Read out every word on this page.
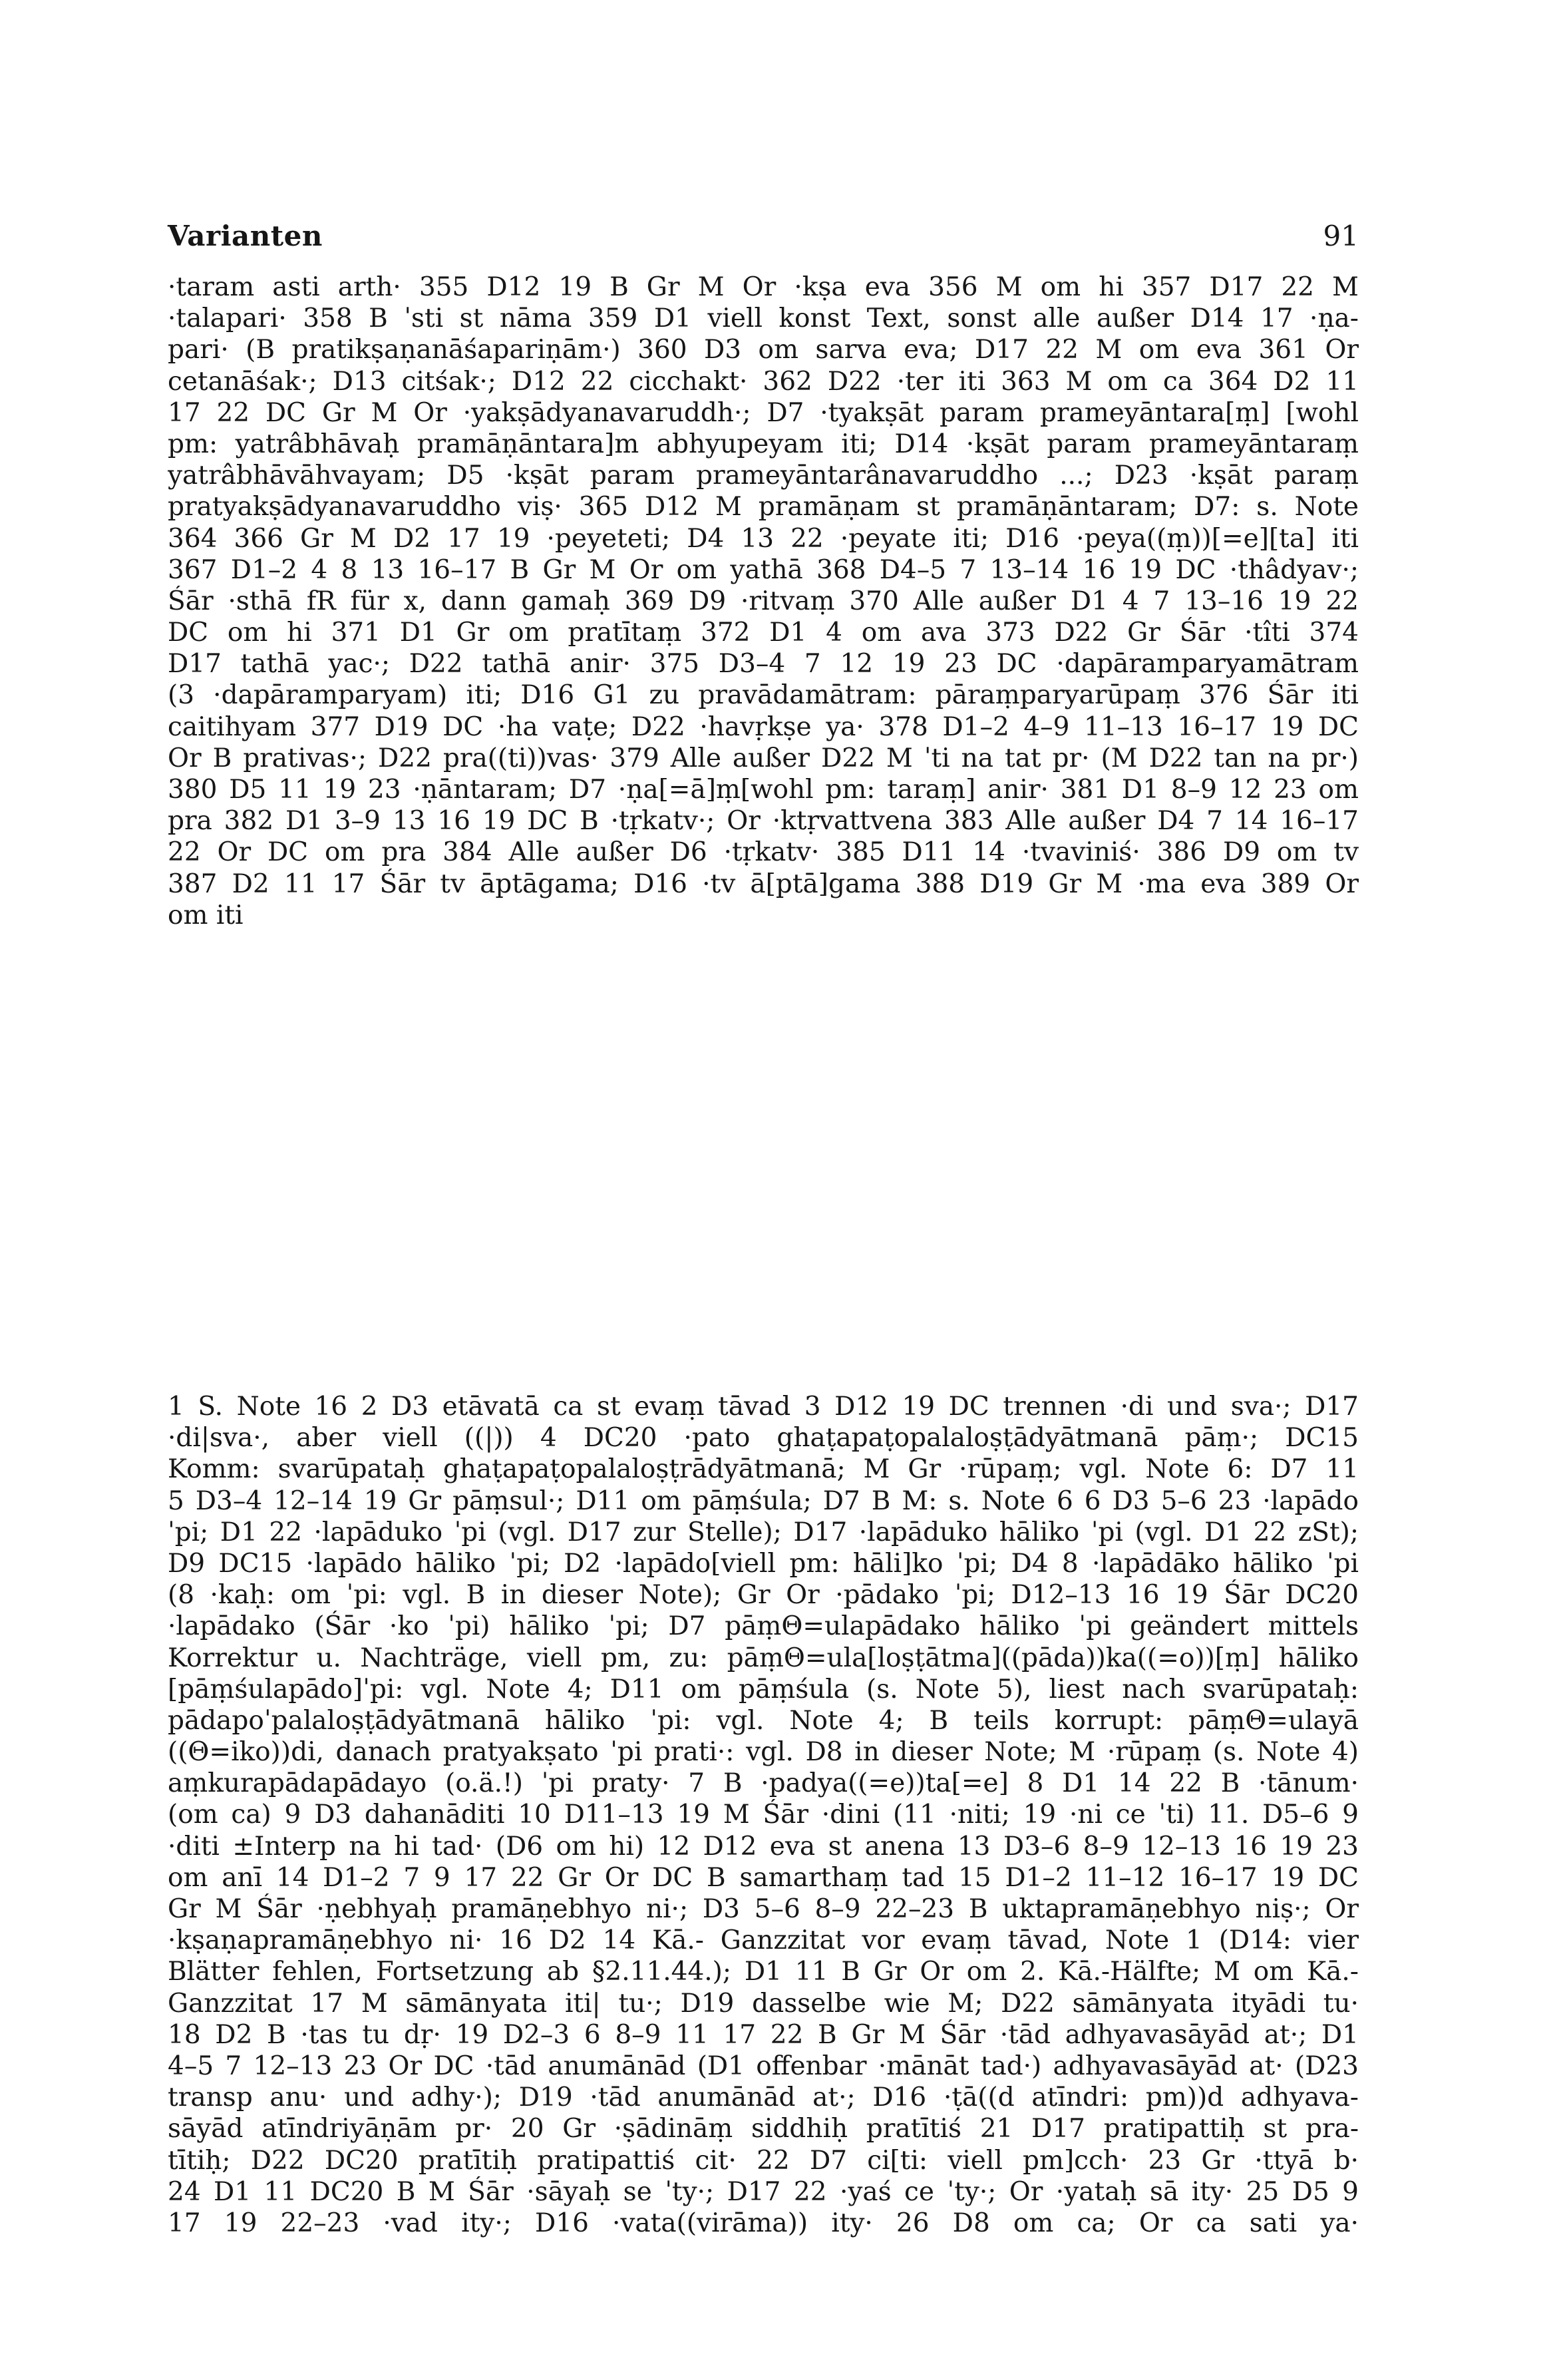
Varianten	91
·taram asti arth· 355 D12 19 B Gr M Or ·kṣa eva 356 M om hi 357 D17 22 M
·talapari· 358 B ˈsti st nāma 359 D1 viell konst Text, sonst alle außer D14 17 ·ṇa-
pari· (B pratikṣaṇanāśapariṇām·) 360 D3 om sarva eva; D17 22 M om eva 361 Or
cetanāśak·; D13 citśak·; D12 22 cicchakt· 362 D22 ·ter iti 363 M om ca 364 D2 11
17 22 DC Gr M Or ·yakṣādyanavaruddh·; D7 ·tyakṣāt param prameyāntara[ṃ] [wohl
pm: yatrâbhāvaḥ pramāṇāntara]m abhyupeyam iti; D14 ·kṣāt param prameyāntaraṃ
yatrâbhāvāhvayam; D5 ·kṣāt param prameyāntarânavaruddho ...; D23 ·kṣāt paraṃ
pratyakṣādyanavaruddho viṣ· 365 D12 M pramāṇam st pramāṇāntaram; D7: s. Note
364 366 Gr M D2 17 19 ·peyeteti; D4 13 22 ·peyate iti; D16 ·peya((ṃ))[=e][ta] iti
367 D1–2 4 8 13 16–17 B Gr M Or om yathā 368 D4–5 7 13–14 16 19 DC ·thâdyav·;
Śār ·sthā fR für x, dann gamaḥ 369 D9 ·ritvaṃ 370 Alle außer D1 4 7 13–16 19 22
DC om hi 371 D1 Gr om pratītaṃ 372 D1 4 om ava 373 D22 Gr Śār ·tîti 374
D17 tathā yac·; D22 tathā anir· 375 D3–4 7 12 19 23 DC ·dapāramparyamātram
(3 ·dapāramparyam) iti; D16 G1 zu pravādamātram: pāraṃparyarūpaṃ 376 Śār iti
caitihyam 377 D19 DC ·ha vaṭe; D22 ·havṛkṣe ya· 378 D1–2 4–9 11–13 16–17 19 DC
Or B prativas·; D22 pra((ti))vas· 379 Alle außer D22 M ˈti na tat pr· (M D22 tan na pr·)
380 D5 11 19 23 ·ṇāntaram; D7 ·ṇa[=ā]ṃ[wohl pm: taraṃ] anir· 381 D1 8–9 12 23 om
pra 382 D1 3–9 13 16 19 DC B ·tṛkatv·; Or ·ktṛvattvena 383 Alle außer D4 7 14 16–17
22 Or DC om pra 384 Alle außer D6 ·tṛkatv· 385 D11 14 ·tvaviniś· 386 D9 om tv
387 D2 11 17 Śār tv āptāgama; D16 ·tv ā[ptā]gama 388 D19 Gr M ·ma eva 389 Or
om iti
1 S. Note 16 2 D3 etāvatā ca st evaṃ tāvad 3 D12 19 DC trennen ·di und sva·; D17
·di|sva·, aber viell ((|)) 4 DC20 ·pato ghaṭapaṭopalaloṣṭādyātmanā pāṃ·; DC15
Komm: svarūpataḥ ghaṭapaṭopalaloṣṭrādyātmanā; M Gr ·rūpaṃ; vgl. Note 6: D7 11
5 D3–4 12–14 19 Gr pāṃsul·; D11 om pāṃśula; D7 B M: s. Note 6 6 D3 5–6 23 ·lapādo
ˈpi; D1 22 ·lapāduko ˈpi (vgl. D17 zur Stelle); D17 ·lapāduko hāliko ˈpi (vgl. D1 22 zSt);
D9 DC15 ·lapādo hāliko ˈpi; D2 ·lapādo[viell pm: hāli]ko ˈpi; D4 8 ·lapādāko hāliko ˈpi
(8 ·kaḥ: om ˈpi: vgl. B in dieser Note); Gr Or ·pādako ˈpi; D12–13 16 19 Śār DC20
·lapādako (Śār ·ko ˈpi) hāliko ˈpi; D7 pāṃΘ=ulapādako hāliko ˈpi geändert mittels
Korrektur u. Nachträge, viell pm, zu: pāṃΘ=ula[loṣṭātma]((pāda))ka((=o))[ṃ] hāliko
[pāṃśulapādo]ˈpi: vgl. Note 4; D11 om pāṃśula (s. Note 5), liest nach svarūpataḥ:
pādapoˈpalaloṣṭādyātmanā hāliko ˈpi: vgl. Note 4; B teils korrupt: pāṃΘ=ulayā
((Θ=iko))di, danach pratyakṣato ˈpi prati·: vgl. D8 in dieser Note; M ·rūpaṃ (s. Note 4)
aṃkurapādapādayo (o.ä.!) ˈpi praty· 7 B ·padya((=e))ta[=e] 8 D1 14 22 B ·tānum·
(om ca) 9 D3 dahanāditi 10 D11–13 19 M Śār ·dini (11 ·niti; 19 ·ni ce ˈti) 11. D5–6 9
·diti ±Interp na hi tad· (D6 om hi) 12 D12 eva st anena 13 D3–6 8–9 12–13 16 19 23
om anī 14 D1–2 7 9 17 22 Gr Or DC B samarthaṃ tad 15 D1–2 11–12 16–17 19 DC
Gr M Śār ·ṇebhyaḥ pramāṇebhyo ni·; D3 5–6 8–9 22–23 B uktapramāṇebhyo niṣ·; Or
·kṣaṇapramāṇebhyo ni· 16 D2 14 Kā.- Ganzzitat vor evaṃ tāvad, Note 1 (D14: vier
Blätter fehlen, Fortsetzung ab §2.11.44.); D1 11 B Gr Or om 2. Kā.-Hälfte; M om Kā.-
Ganzzitat 17 M sāmānyata iti| tu·; D19 dasselbe wie M; D22 sāmānyata ityādi tu·
18 D2 B ·tas tu dṛ· 19 D2–3 6 8–9 11 17 22 B Gr M Śār ·tād adhyavasāyād at·; D1
4–5 7 12–13 23 Or DC ·tād anumānād (D1 offenbar ·mānāt tad·) adhyavasāyād at· (D23
transp anu· und adhy·); D19 ·tād anumānād at·; D16 ·ṭā((d atīndri: pm))d adhyava-
sāyād atīndriyāṇām pr· 20 Gr ·ṣādināṃ siddhiḥ pratītiś 21 D17 pratipattiḥ st pra-
tītiḥ; D22 DC20 pratītiḥ pratipattiś cit· 22 D7 ci[ti: viell pm]cch· 23 Gr ·ttyā b·
24 D1 11 DC20 B M Śār ·sāyaḥ se ˈty·; D17 22 ·yaś ce ˈty·; Or ·yataḥ sā ity· 25 D5 9
17 19 22–23 ·vad ity·; D16 ·vata((virāma)) ity· 26 D8 om ca; Or ca sati ya·
